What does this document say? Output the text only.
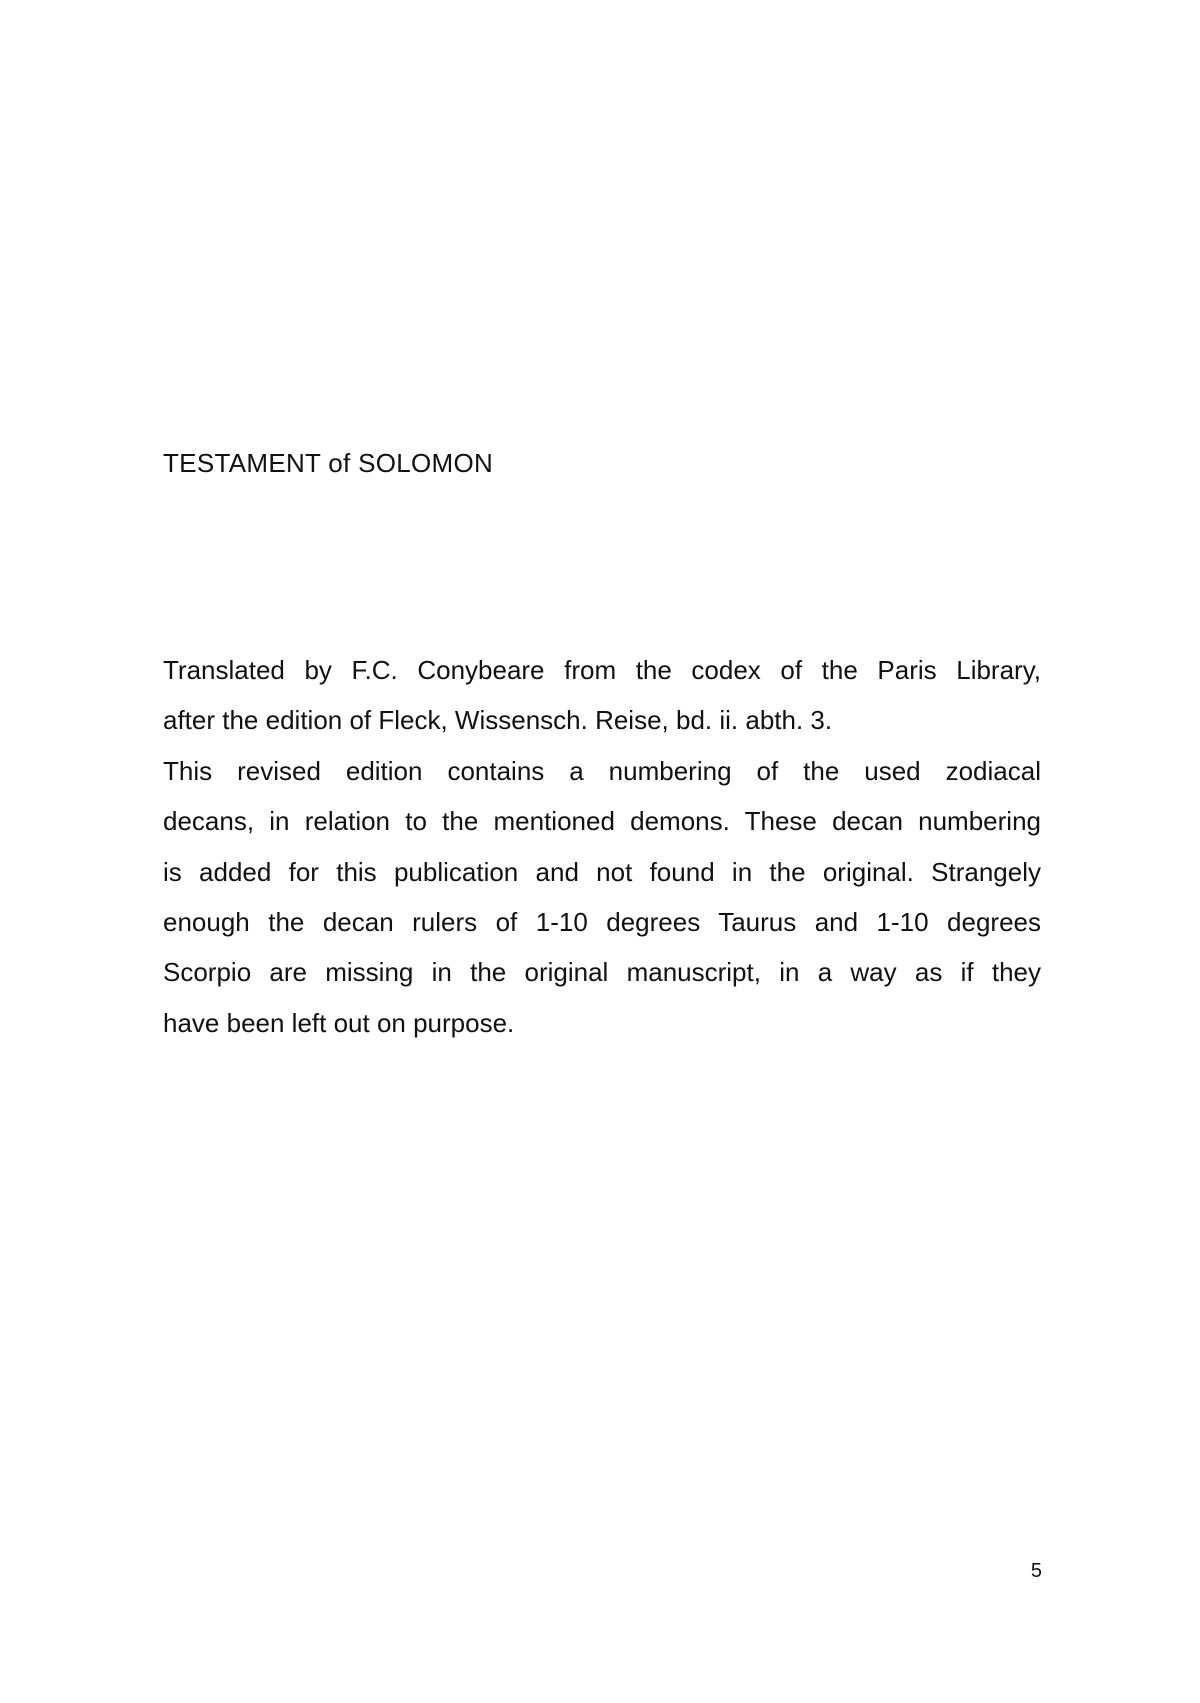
TESTAMENT of SOLOMON
Translated by F.C. Conybeare from the codex of the Paris Library,
after the edition of Fleck, Wissensch. Reise, bd. ii. abth. 3.
This revised edition contains a numbering of the used zodiacal
decans, in relation to the mentioned demons. These decan numbering
is added for this publication and not found in the original. Strangely
enough the decan rulers of 1-10 degrees Taurus and 1-10 degrees
Scorpio are missing in the original manuscript, in a way as if they
have been left out on purpose.
5
